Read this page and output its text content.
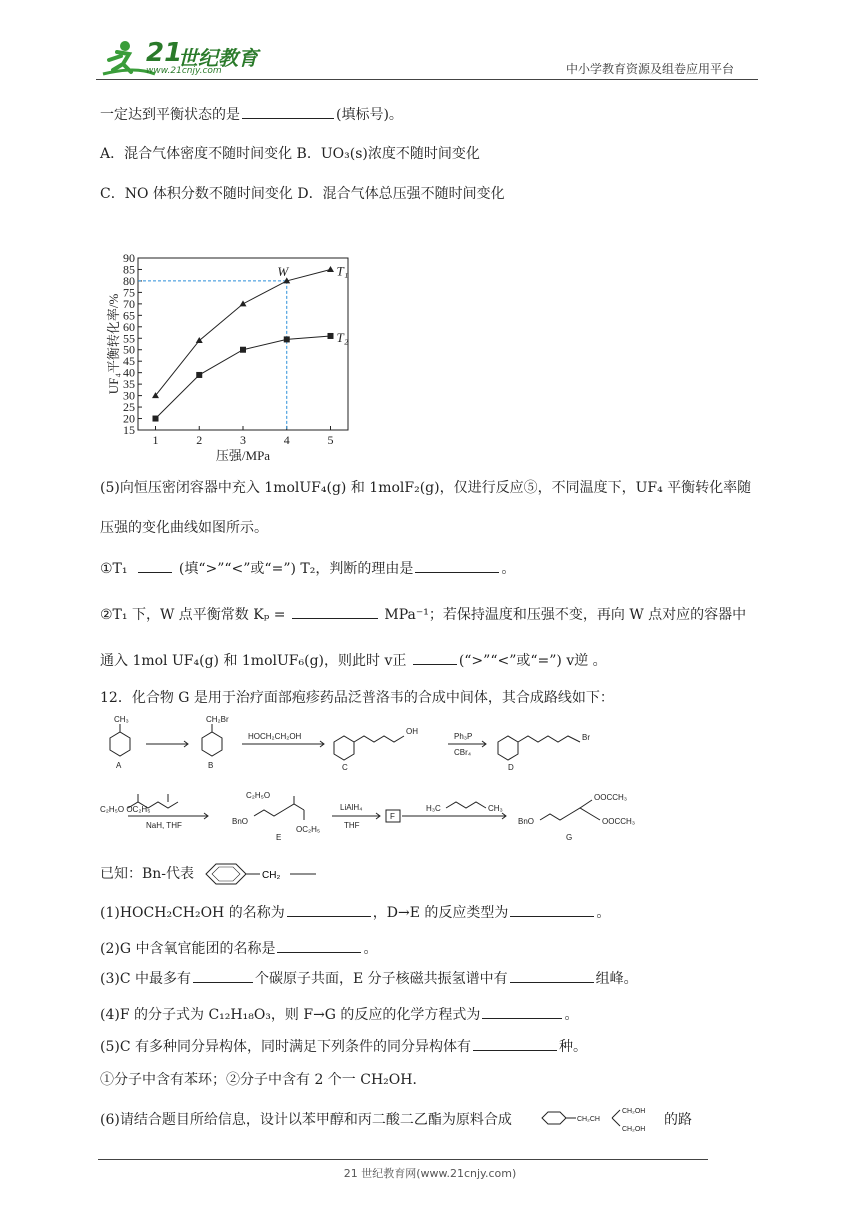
21
世纪教育
www.21cnjy.com	中小学教育资源及组卷应用平台
一定达到平衡状态的是	(填标号)。
A．混合气体密度不随时间变化 B．UO₃(s)浓度不随时间变化
C．NO 体积分数不随时间变化 D．混合气体总压强不随时间变化
15
20
25
30
35
40
45
50
55
60
65
70
75
80
85
90
1	2	3	4	5
压强/MPa
UF₄平衡转化率/%
T₁
T₂
W
(5)向恒压密闭容器中充入 1molUF₄(g) 和 1molF₂(g)，仅进行反应⑤，不同温度下，UF₄ 平衡转化率随
压强的变化曲线如图所示。
①T₁	(填“>”“<”或“=”) T₂，判断的理由是	。
②T₁ 下，W 点平衡常数 Kₚ =	MPa⁻¹；若保持温度和压强不变，再向 W 点对应的容器中
通入 1mol UF₄(g) 和 1molUF₆(g)，则此时 v正	(“>”“<”或“=”) v逆 。
12．化合物 G 是用于治疗面部疱疹药品泛普洛韦的合成中间体，其合成路线如下：
A	B	C	D
E
F
G
CH₃	CH₂Br
HOCH₂CH₂OH
OH
Ph₃P
CBr₄
Br
C₂H₅O OC₂H₅
NaH, THF
C₂H₅O
OC₂H₅
BnO
LiAlH₄
THF
H₃C	CH₃
BnO
OOCCH₃
OOCCH₃
已知：Bn-代表	CH₂
(1)HOCH₂CH₂OH 的名称为	，D→E 的反应类型为	。
(2)G 中含氧官能团的名称是	。
(3)C 中最多有	个碳原子共面，E 分子核磁共振氢谱中有	组峰。
(4)F 的分子式为 C₁₂H₁₈O₃，则 F→G 的反应的化学方程式为	。
(5)C 有多种同分异构体，同时满足下列条件的同分异构体有	种。
①分子中含有苯环；②分子中含有 2 个一 CH₂OH．
(6)请结合题目所给信息，设计以苯甲醇和丙二酸二乙酯为原料合成	CH₂CH
CH₂OH
CH₂OH
的路
21 世纪教育网(www.21cnjy.com)
